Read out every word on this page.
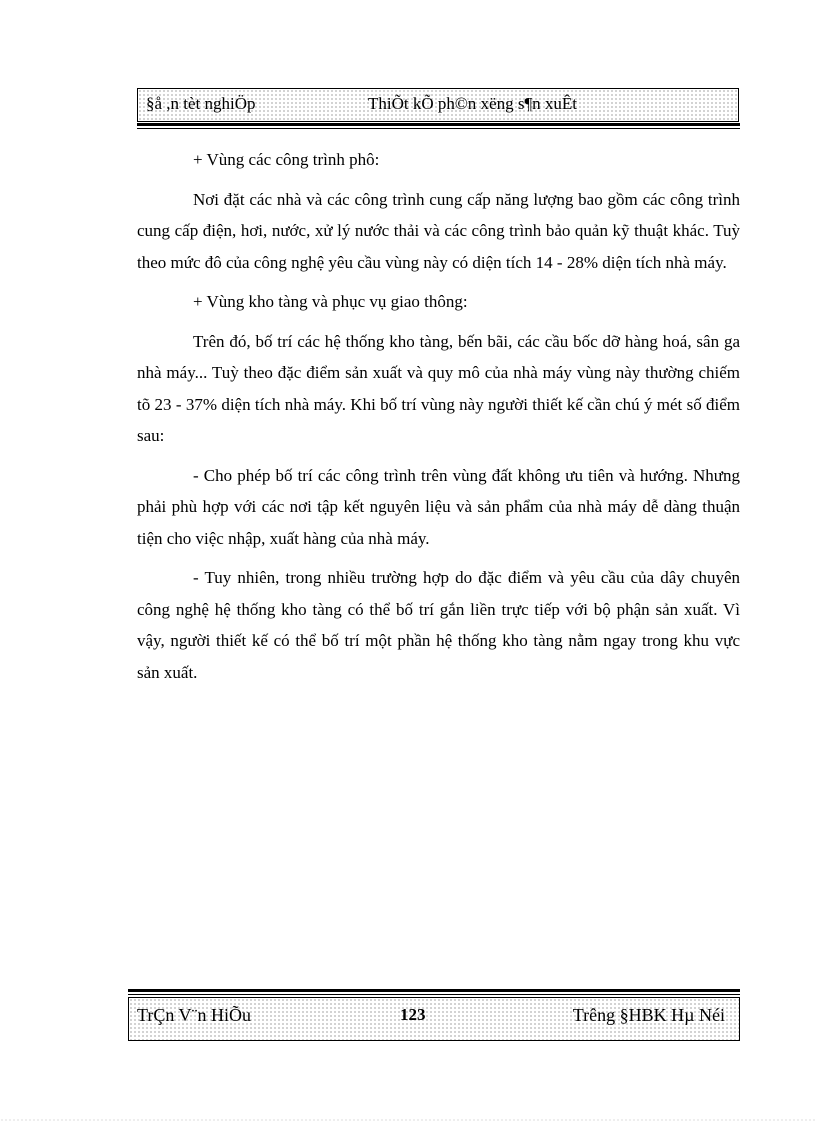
§å ,n tèt nghiÖp	ThiÕt kÕ ph©n xëng s¶n xuÊt

+ Vùng các công trình phô:

Nơi đặt các nhà và các công trình cung cấp năng lượng bao gồm các công trình cung cấp điện, hơi, nước, xử lý nước thải và các công trình bảo quản kỹ thuật khác. Tuỳ theo mức đô của công nghệ yêu cầu vùng này có diện tích 14 - 28% diện tích nhà máy.

+ Vùng kho tàng và phục vụ giao thông:

Trên đó, bố trí các hệ thống kho tàng, bến bãi, các cầu bốc dỡ hàng hoá, sân ga nhà máy... Tuỳ theo đặc điểm sản xuất và quy mô của nhà máy vùng này thường chiếm tõ 23 - 37% diện tích nhà máy. Khi bố trí vùng này người thiết kế cần chú ý mét số điểm sau:

- Cho phép bố trí các công trình trên vùng đất không ưu tiên và hướng. Nhưng phải phù hợp với các nơi tập kết nguyên liệu và sản phẩm của nhà máy dễ dàng thuận tiện cho việc nhập, xuất hàng của nhà máy.

- Tuy nhiên, trong nhiều trường hợp do đặc điểm và yêu cầu của dây chuyên công nghệ hệ thống kho tàng có thể bố trí gắn liền trực tiếp với bộ phận sản xuất. Vì vậy, người thiết kế có thể bố trí một phần hệ thống kho tàng nằm ngay trong khu vực sản xuất.

TrÇn V¨n HiÕu	123	Trêng §HBK Hµ Néi
